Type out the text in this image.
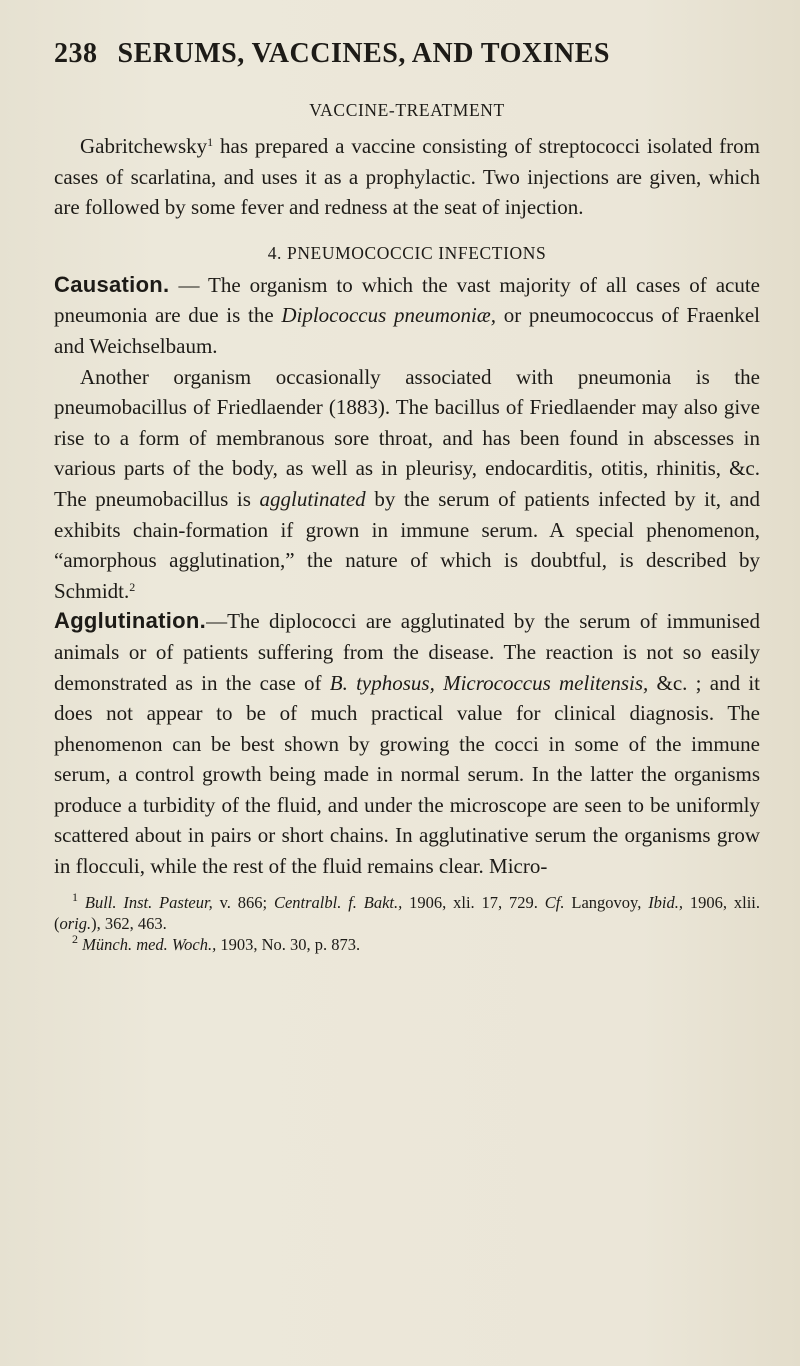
238 SERUMS, VACCINES, AND TOXINES
VACCINE-TREATMENT

Gabritchewsky$^1$ has prepared a vaccine consisting of streptococci isolated from cases of scarlatina, and uses it as a prophylactic. Two injections are given, which are followed by some fever and redness at the seat of injection.

4. PNEUMOCOCCIC INFECTIONS

Causation. — The organism to which the vast majority of all cases of acute pneumonia are due is the Diplococcus pneumoniæ, or pneumococcus of Fraenkel and Weichselbaum.

Another organism occasionally associated with pneumonia is the pneumobacillus of Friedlaender (1883). The bacillus of Friedlaender may also give rise to a form of membranous sore throat, and has been found in abscesses in various parts of the body, as well as in pleurisy, endocarditis, otitis, rhinitis, &c. The pneumobacillus is agglutinated by the serum of patients infected by it, and exhibits chain-formation if grown in immune serum. A special phenomenon, “amorphous agglutination,” the nature of which is doubtful, is described by Schmidt.$^2$

Agglutination.—The diplococci are agglutinated by the serum of immunised animals or of patients suffering from the disease. The reaction is not so easily demonstrated as in the case of B. typhosus, Micrococcus melitensis, &c. ; and it does not appear to be of much practical value for clinical diagnosis. The phenomenon can be best shown by growing the cocci in some of the immune serum, a control growth being made in normal serum. In the latter the organisms produce a turbidity of the fluid, and under the microscope are seen to be uniformly scattered about in pairs or short chains. In agglutinative serum the organisms grow in flocculi, while the rest of the fluid remains clear. Micro-

$^1$ Bull. Inst. Pasteur, v. 866; Centralbl. f. Bakt., 1906, xli. 17, 729. Cf. Langovoy, Ibid., 1906, xlii. (orig.), 362, 463.
$^2$ Münch. med. Woch., 1903, No. 30, p. 873.
